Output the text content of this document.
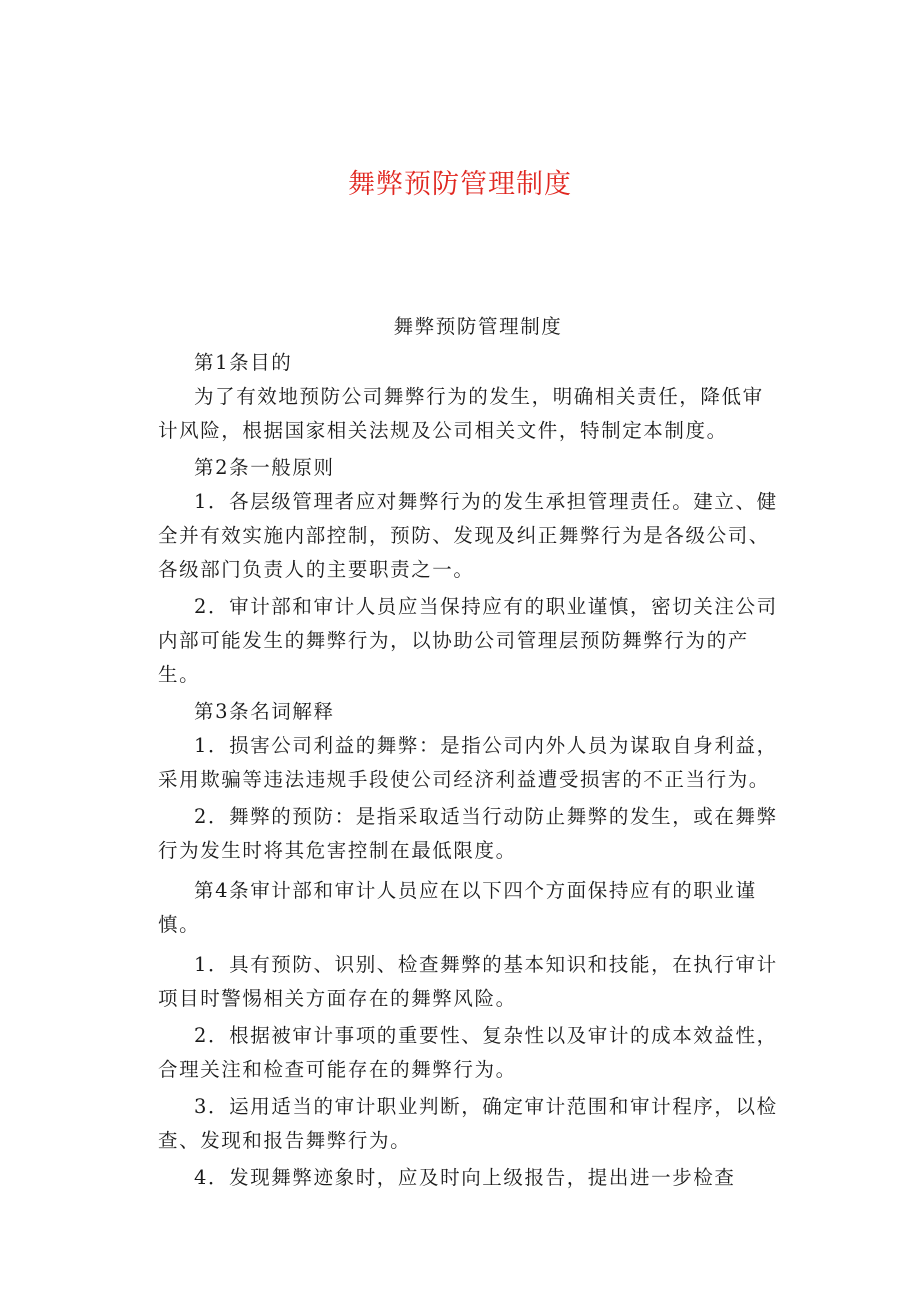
舞弊预防管理制度
舞弊预防管理制度

第1条目的

为了有效地预防公司舞弊行为的发生，明确相关责任，降低审计风险，根据国家相关法规及公司相关文件，特制定本制度。

第2条一般原则

1．各层级管理者应对舞弊行为的发生承担管理责任。建立、健全并有效实施内部控制，预防、发现及纠正舞弊行为是各级公司、各级部门负责人的主要职责之一。

2．审计部和审计人员应当保持应有的职业谨慎，密切关注公司内部可能发生的舞弊行为，以协助公司管理层预防舞弊行为的产生。

第3条名词解释

1．损害公司利益的舞弊：是指公司内外人员为谋取自身利益，采用欺骗等违法违规手段使公司经济利益遭受损害的不正当行为。

2．舞弊的预防：是指采取适当行动防止舞弊的发生，或在舞弊行为发生时将其危害控制在最低限度。

第4条审计部和审计人员应在以下四个方面保持应有的职业谨慎。

1．具有预防、识别、检查舞弊的基本知识和技能，在执行审计项目时警惕相关方面存在的舞弊风险。

2．根据被审计事项的重要性、复杂性以及审计的成本效益性，合理关注和检查可能存在的舞弊行为。

3．运用适当的审计职业判断，确定审计范围和审计程序，以检查、发现和报告舞弊行为。

4．发现舞弊迹象时，应及时向上级报告，提出进一步检查
